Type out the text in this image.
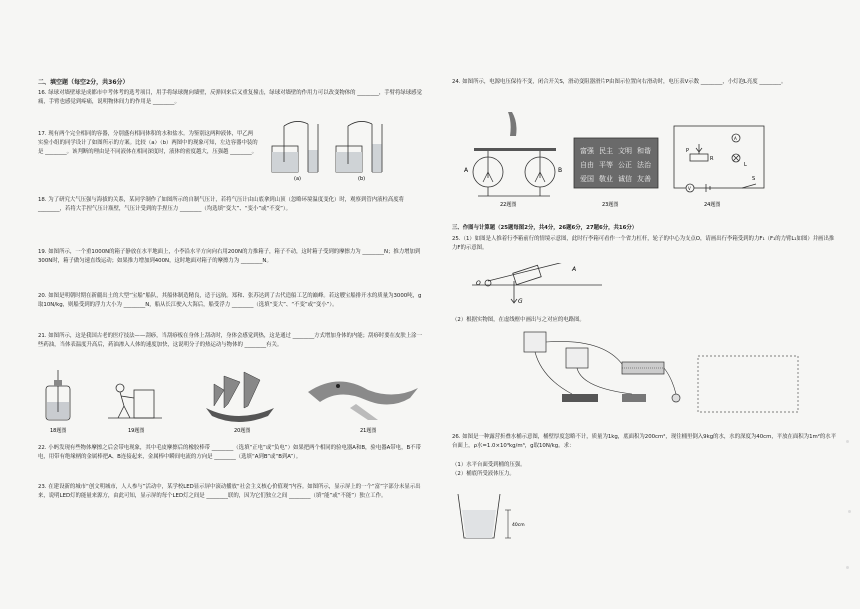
二、填空题（每空2分，共36分）

16. 绿球对墙壁球是成都市中考体考的选考项目，用手将绿球抛向墙壁，反弹回来后又重复撞击，绿球对墙壁的作用力可以改变物体的 ________，手臂将绿球感觉痛，手臂也感觉到疼痛，说明物体间力的作用是 ________。

17. 现有两个完全相同的容器，分别盛有相同体积的水和盐水。为鉴别这两种液体，甲乙两实验小组的同学设计了如图所示的方案。比较（a）（b）两图中的现象可知，左边容器中装的是 ________。该判断的理由是不同液体在相同深度时，液体的密度越大，压强越 ________。

(a)	(b)

18. 为了研究大气压强与海拔的关系，某同学制作了如图所示的自制气压计，若将气压计由山底拿到山顶（忽略环境温度变化）时，观察到管内液柱高度将 ________，若将大手捏气压计瓶壁，气压计受到的手捏压力 ________（均选填“变大”、“变小”或“不变”）。

19. 如图所示，一个重1000N的箱子静放在水平地面上，小李沿水平方向向右用200N的力推箱子，箱子不动，这时箱子受到的摩擦力为 ________N；推力增加到300N时，箱子做匀速直线运动；如果推力增加到400N，这时地面对箱子的摩擦力为 ________N。

20. 如图是明朝时期在新疆出土的大型“宝船”船队，其船体制造精良，适于远航。郑和、张苏达到了古代造船工艺的巅峰。若这艘宝船排开水的质量为3000吨，g取10N/kg，则船受到的浮力大小为 ________N，船从长江驶入大海后，船受浮力 ________（选填“变大”、“不变”或“变小”）。

21. 如图所示，这是我国古老的医疗技法——刮痧，当刮痧板在身体上刮动时，身体会感觉到热，这是通过 ________方式增加身体的内能；刮痧时要在皮肤上涂一些药油，当体表温度升高后，药油渗入人体的速度加快，这说明分子的热运动与物体的 ________有关。

18题图	19题图	20题图	21题图

22. 小蚂发现有些物体摩擦之后会带电现象，其中毛皮摩擦后的橡胶棒带 ________（选填“正电”或“负电”）如果把两个相同的验电器A和B，验电器A带电，B不带电，用带有绝缘柄的金属棒把A、B连接起来，金属棒中瞬间电流的方向是 ________（选填“A到B”或“B到A”）。

23. 在建设新的城市“创文明城市，人人参与”活动中，某学校LED显示屏中滚动播放“社会主义核心价值观”内容。如图所示，显示屏上的一个“富”字部分未显示出来，说明LED灯的能量来源方，由此可知，显示屏的每个LED灯之间是 ________联的，因为它们独立之间 ________（填“能”或“不能”）独立工作。

24. 如图所示，电源电压保持不变，闭合开关S，滑动变阻器滑片P由图示位置向右滑动时，电压表V示数 ________，小灯泡L亮度 ________。

A	B
富强 民主 文明 和谐
自由 平等 公正 法治
爱国 敬业 诚信 友善
A
V
P
R
L
S
22题图	23题图	24题图
三、作图与计算题（25题每图2分，共4分，26题6分，27题6分，共16分）

25.（1）如图是人推着行李箱前行的情境示意图，此时行李箱可看作一个省力杠杆，轮子的中心为支点O，请画出行李箱受到的力F₁（F₁的力臂L₁如图）并画出推力F的示意图。

O
G
A

（2）根据实物图，在虚线框中画出与之对应的电路图。

26. 如图是一种露营折叠水桶示意图，桶壁厚度忽略不计，质量为1kg，底面积为200cm²，现往桶里倒入9kg的水，水的深度为40cm，平放在面积为1m²的水平台面上，ρ水=1.0×10³kg/m³，g取10N/kg。求：

（1）水平台面受到桶的压强。

（2）桶底所受液体压力。

40cm
